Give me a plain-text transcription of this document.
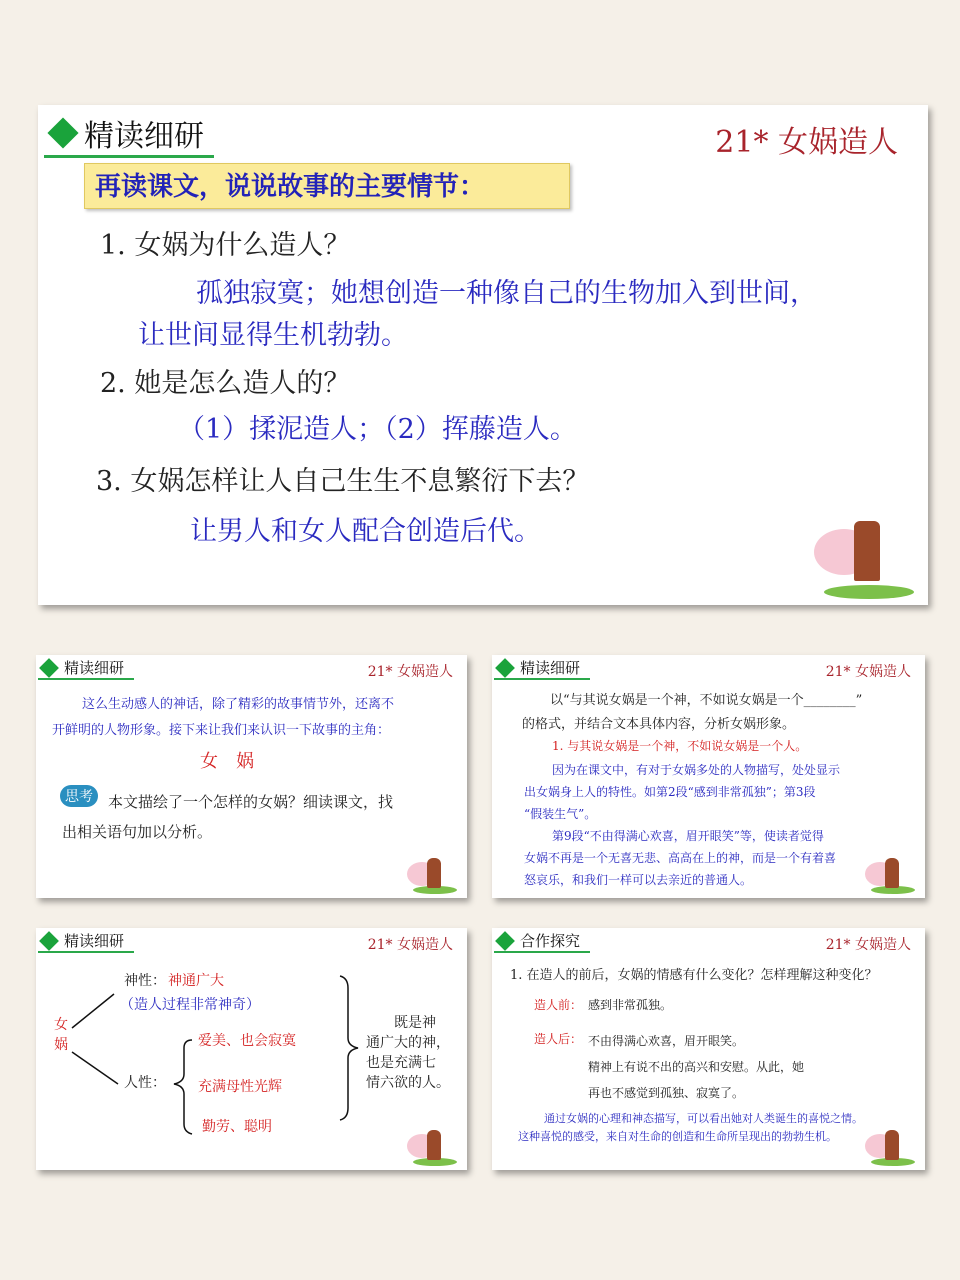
精读细研	21* 女娲造人
再读课文，说说故事的主要情节：
1. 女娲为什么造人？
孤独寂寞；她想创造一种像自己的生物加入到世间，
让世间显得生机勃勃。
2. 她是怎么造人的？
（1）揉泥造人；（2）挥藤造人。
3. 女娲怎样让人自己生生不息繁衍下去？
让男人和女人配合创造后代。
精读细研	21* 女娲造人
这么生动感人的神话，除了精彩的故事情节外，还离不
开鲜明的人物形象。接下来让我们来认识一下故事的主角：
女　娲
思考	本文描绘了一个怎样的女娲？细读课文，找
出相关语句加以分析。
精读细研	21* 女娲造人
以“与其说女娲是一个神，不如说女娲是一个________”
的格式，并结合文本具体内容，分析女娲形象。
1. 与其说女娲是一个神，不如说女娲是一个人。
因为在课文中，有对于女娲多处的人物描写，处处显示
出女娲身上人的特性。如第2段“感到非常孤独”；第3段
“假装生气”。
第9段“不由得满心欢喜，眉开眼笑”等，使读者觉得
女娲不再是一个无喜无悲、高高在上的神，而是一个有着喜
怒哀乐，和我们一样可以去亲近的普通人。
精读细研	21* 女娲造人
女
娲
神性： 神通广大
（造人过程非常神奇）
人性：
爱美、也会寂寞
充满母性光辉
勤劳、聪明
既是神
通广大的神，
也是充满七
情六欲的人。
合作探究	21* 女娲造人
1. 在造人的前后，女娲的情感有什么变化？怎样理解这种变化？
造人前： 感到非常孤独。
造人后： 不由得满心欢喜，眉开眼笑。
精神上有说不出的高兴和安慰。从此，她
再也不感觉到孤独、寂寞了。
通过女娲的心理和神态描写，可以看出她对人类诞生的喜悦之情。
这种喜悦的感受，来自对生命的创造和生命所呈现出的勃勃生机。
